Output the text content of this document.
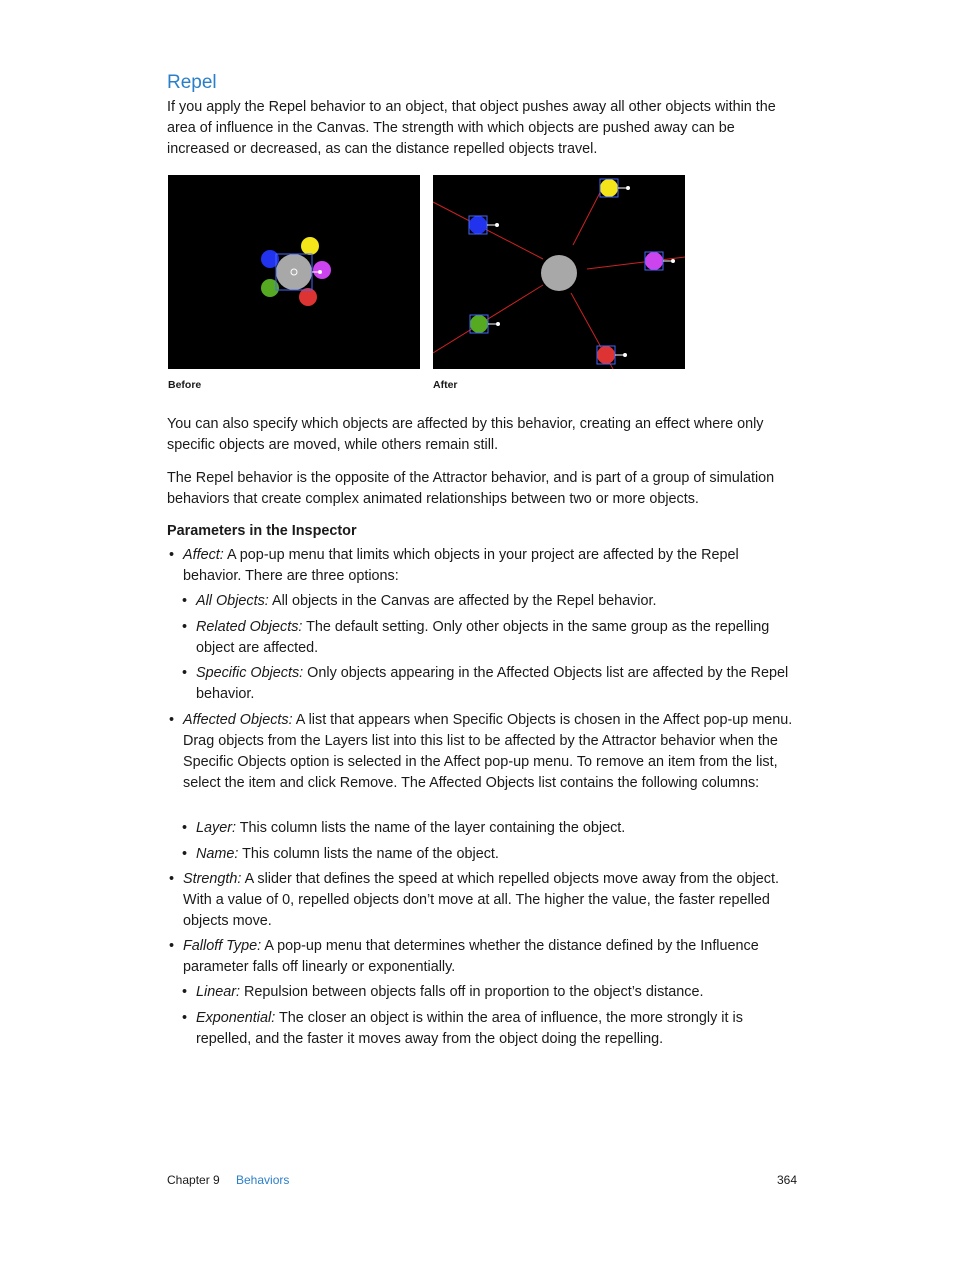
Repel

If you apply the Repel behavior to an object, that object pushes away all other objects within the area of influence in the Canvas. The strength with which objects are pushed away can be increased or decreased, as can the distance repelled objects travel.

Before	After

You can also specify which objects are affected by this behavior, creating an effect where only specific objects are moved, while others remain still.

The Repel behavior is the opposite of the Attractor behavior, and is part of a group of simulation behaviors that create complex animated relationships between two or more objects.

Parameters in the Inspector
• Affect: A pop-up menu that limits which objects in your project are affected by the Repel behavior. There are three options:
• All Objects: All objects in the Canvas are affected by the Repel behavior.
• Related Objects: The default setting. Only other objects in the same group as the repelling object are affected.
• Specific Objects: Only objects appearing in the Affected Objects list are affected by the Repel behavior.
• Affected Objects: A list that appears when Specific Objects is chosen in the Affect pop-up menu. Drag objects from the Layers list into this list to be affected by the Attractor behavior when the Specific Objects option is selected in the Affect pop-up menu. To remove an item from the list, select the item and click Remove. The Affected Objects list contains the following columns:
• Layer: This column lists the name of the layer containing the object.
• Name: This column lists the name of the object.
• Strength: A slider that defines the speed at which repelled objects move away from the object. With a value of 0, repelled objects don’t move at all. The higher the value, the faster repelled objects move.
• Falloff Type: A pop-up menu that determines whether the distance defined by the Influence parameter falls off linearly or exponentially.
• Linear: Repulsion between objects falls off in proportion to the object’s distance.
• Exponential: The closer an object is within the area of influence, the more strongly it is repelled, and the faster it moves away from the object doing the repelling.
Chapter 9 Behaviors	364
